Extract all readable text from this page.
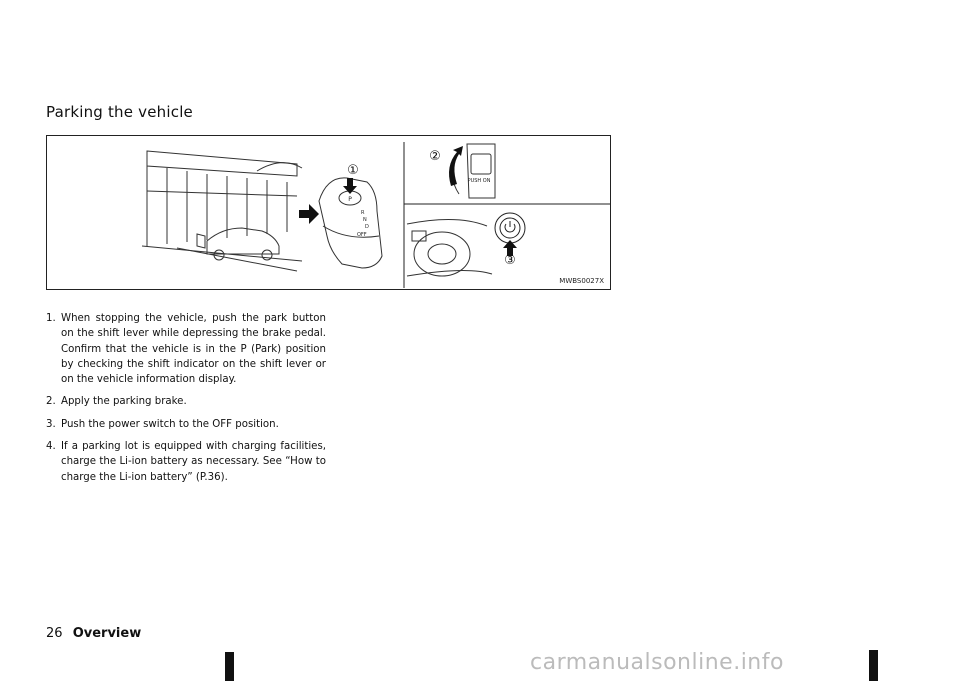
Parking the vehicle
P
R
N
D
OFF
①
②
PUSH ON
③
MWBS0027X
1. When stopping the vehicle, push the park button on the shift lever while depressing the brake pedal. Confirm that the vehicle is in the P (Park) position by checking the shift indicator on the shift lever or on the vehicle information display.
2. Apply the parking brake.
3. Push the power switch to the OFF position.
4. If a parking lot is equipped with charging facilities, charge the Li-ion battery as necessary. See “How to charge the Li-ion battery” (P.36).
26 Overview
carmanualsonline.info
